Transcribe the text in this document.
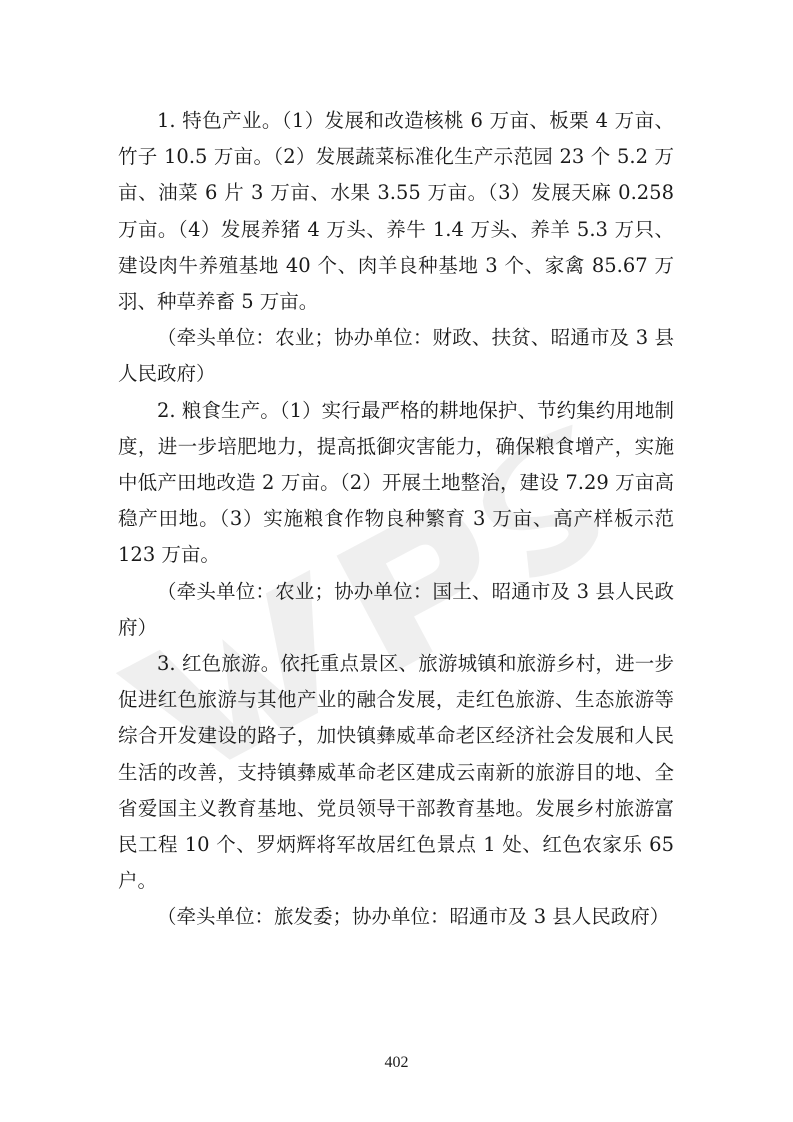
1. 特色产业。（1）发展和改造核桃 6 万亩、板栗 4 万亩、竹子 10.5 万亩。（2）发展蔬菜标准化生产示范园 23 个 5.2 万亩、油菜 6 片 3 万亩、水果 3.55 万亩。（3）发展天麻 0.258 万亩。（4）发展养猪 4 万头、养牛 1.4 万头、养羊 5.3 万只、建设肉牛养殖基地 40 个、肉羊良种基地 3 个、家禽 85.67 万羽、种草养畜 5 万亩。

（牵头单位：农业；协办单位：财政、扶贫、昭通市及 3 县人民政府）

2. 粮食生产。（1）实行最严格的耕地保护、节约集约用地制度，进一步培肥地力，提高抵御灾害能力，确保粮食增产，实施中低产田地改造 2 万亩。（2）开展土地整治，建设 7.29 万亩高稳产田地。（3）实施粮食作物良种繁育 3 万亩、高产样板示范 123 万亩。

（牵头单位：农业；协办单位：国土、昭通市及 3 县人民政府）

3. 红色旅游。依托重点景区、旅游城镇和旅游乡村，进一步促进红色旅游与其他产业的融合发展，走红色旅游、生态旅游等综合开发建设的路子，加快镇彝威革命老区经济社会发展和人民生活的改善，支持镇彝威革命老区建成云南新的旅游目的地、全省爱国主义教育基地、党员领导干部教育基地。发展乡村旅游富民工程 10 个、罗炳辉将军故居红色景点 1 处、红色农家乐 65 户。

（牵头单位：旅发委；协办单位：昭通市及 3 县人民政府）

402
